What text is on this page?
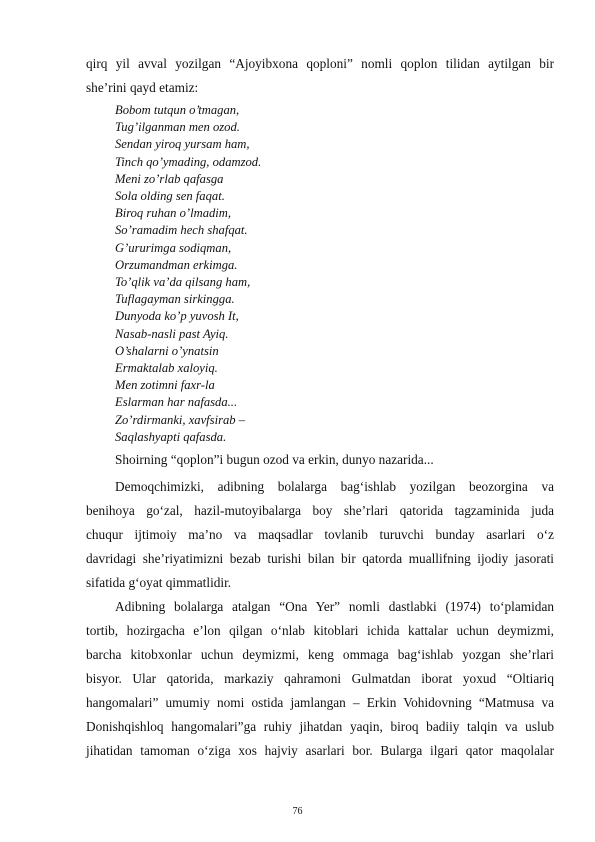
qirq yil avval yozilgan “Ajoyibxona qoploni” nomli qoplon tilidan aytilgan bir
she’rini qayd etamiz:
Bobom tutqun o’tmagan,
Tug’ilganman men ozod.
Sendan yiroq yursam ham,
Tinch qo’ymading, odamzod.
Meni zo’rlab qafasga
Sola olding sen faqat.
Biroq ruhan o’lmadim,
So’ramadim hech shafqat.
G’ururimga sodiqman,
Orzumandman erkimga.
To’qlik va’da qilsang ham,
Tuflagayman sirkingga.
Dunyoda ko’p yuvosh It,
Nasab-nasli past Ayiq.
O’shalarni o’ynatsin
Ermaktalab xaloyiq.
Men zotimni faxr-la
Eslarman har nafasda...
Zo’rdirmanki, xavfsirab –
Saqlashyapti qafasda.
Shoirning “qoplon”i bugun ozod va erkin, dunyo nazarida...
Demoqchimizki, adibning bolalarga bag‘ishlab yozilgan beozorgina va
benihoya go‘zal, hazil-mutoyibalarga boy she’rlari qatorida tagzaminida juda
chuqur ijtimoiy ma’no va maqsadlar tovlanib turuvchi bunday asarlari o‘z
davridagi she’riyatimizni bezab turishi bilan bir qatorda muallifning ijodiy jasorati
sifatida g‘oyat qimmatlidir.
Adibning bolalarga atalgan “Ona Yer” nomli dastlabki (1974) to‘plamidan
tortib, hozirgacha e’lon qilgan o‘nlab kitoblari ichida kattalar uchun deymizmi,
barcha kitobxonlar uchun deymizmi, keng ommaga bag‘ishlab yozgan she’rlari
bisyor. Ular qatorida, markaziy qahramoni Gulmatdan iborat yoxud “Oltiariq
hangomalari” umumiy nomi ostida jamlangan – Erkin Vohidovning “Matmusa va
Donishqishloq hangomalari”ga ruhiy jihatdan yaqin, biroq badiiy talqin va uslub
jihatidan tamoman o‘ziga xos hajviy asarlari bor. Bularga ilgari qator maqolalar
76
